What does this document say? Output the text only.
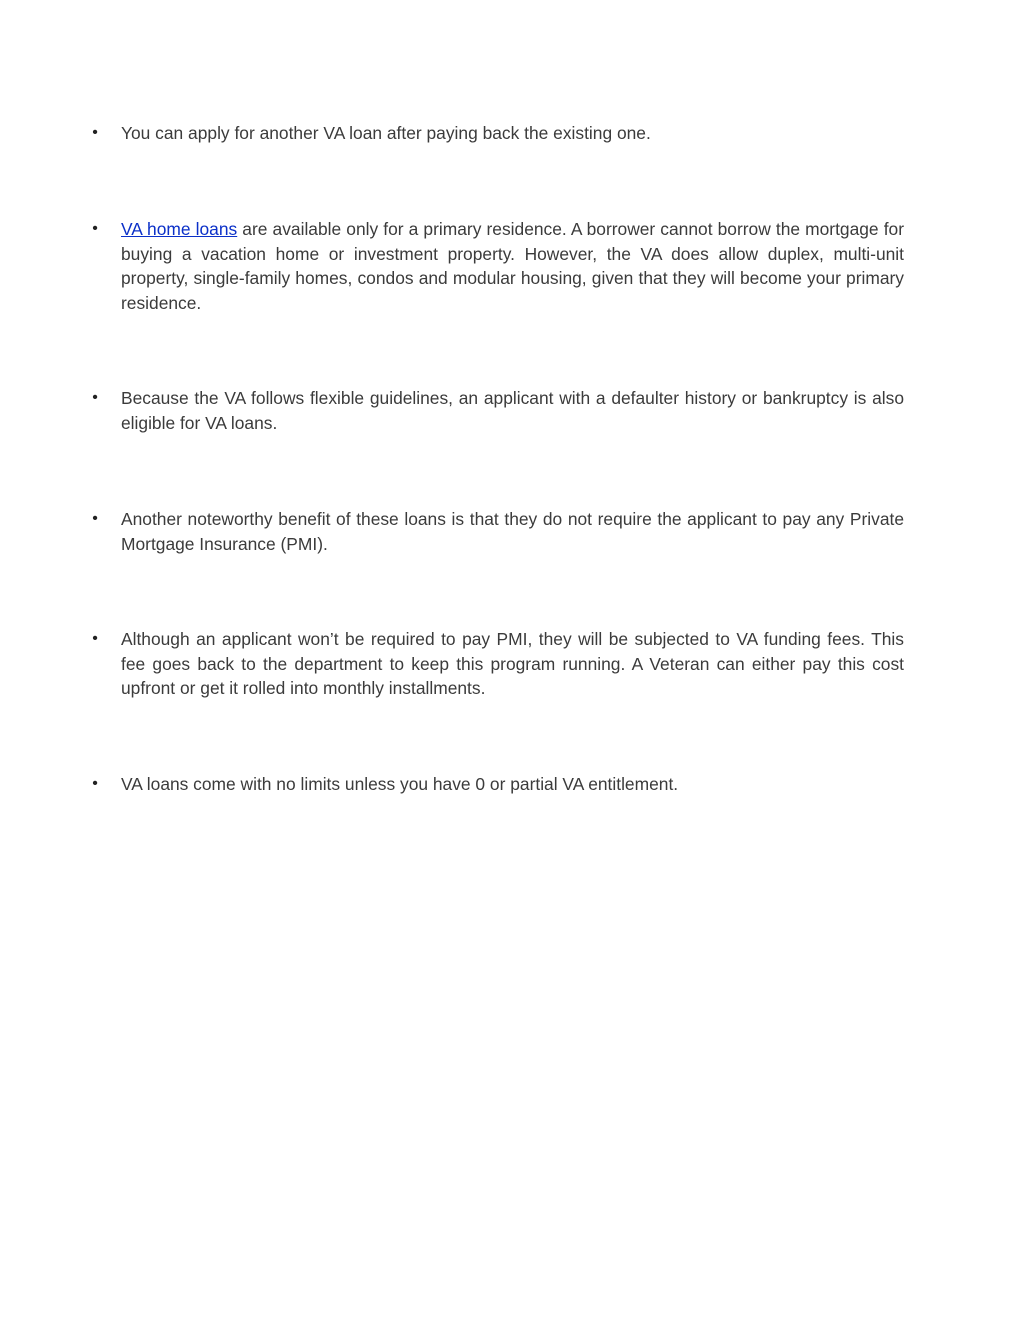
• You can apply for another VA loan after paying back the existing one.
• VA home loans are available only for a primary residence. A borrower cannot borrow the mortgage for buying a vacation home or investment property. However, the VA does allow duplex, multi-unit property, single-family homes, condos and modular housing, given that they will become your primary residence.
• Because the VA follows flexible guidelines, an applicant with a defaulter history or bankruptcy is also eligible for VA loans.
• Another noteworthy benefit of these loans is that they do not require the applicant to pay any Private Mortgage Insurance (PMI).
• Although an applicant won’t be required to pay PMI, they will be subjected to VA funding fees. This fee goes back to the department to keep this program running. A Veteran can either pay this cost upfront or get it rolled into monthly installments.
• VA loans come with no limits unless you have 0 or partial VA entitlement.
